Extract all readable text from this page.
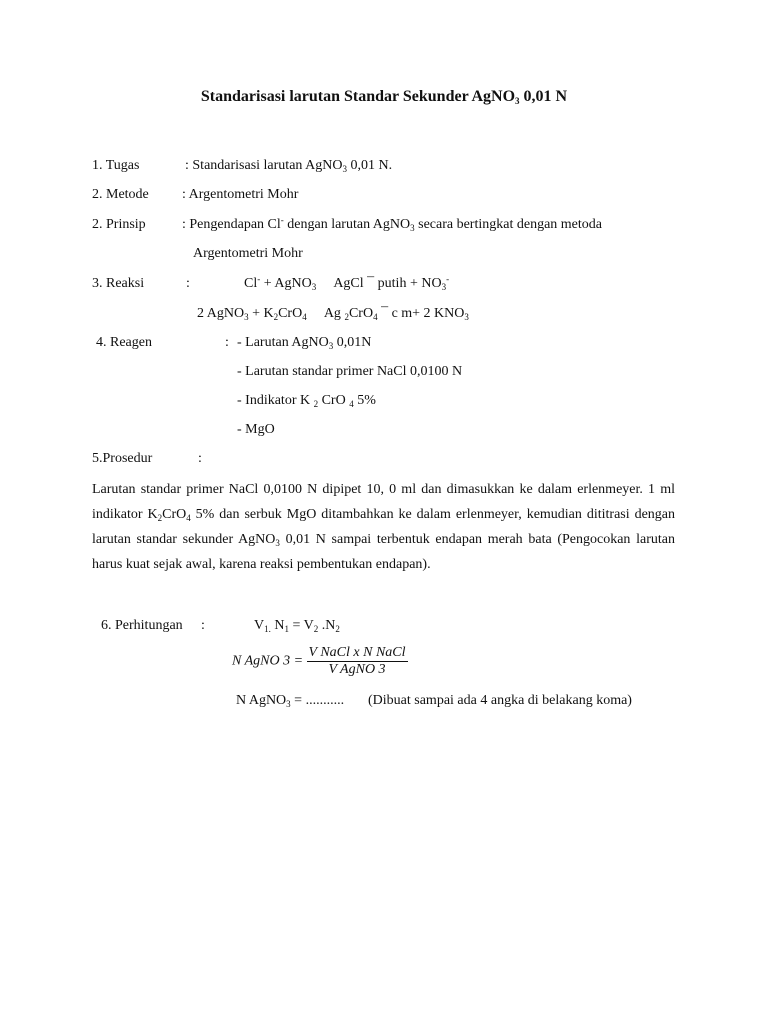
Standarisasi larutan Standar Sekunder AgNO$_3$ 0,01 N
1. Tugas	: Standarisasi larutan AgNO$_3$ 0,01 N.
2. Metode : Argentometri Mohr
2. Prinsip	: Pengendapan Cl- dengan larutan AgNO$_3$ secara bertingkat dengan metoda
Argentometri Mohr
3. Reaksi	:	Cl- + AgNO$_3$   AgCl ¯ putih + $NO_3^-$
2 AgNO$_3$ + $K_2CrO_4$   Ag $_2$CrO$_4$ ¯ c m+ 2 $KNO_3$
4. Reagen	: - Larutan AgNO$_3$ 0,01N
- Larutan standar primer NaCl 0,0100 N
- Indikator K $_2$ CrO $_4$ 5%
- MgO
5.Prosedur	:
Larutan standar primer NaCl 0,0100 N dipipet 10, 0 ml dan dimasukkan ke dalam erlenmeyer. 1 ml indikator $K_2CrO_4$ 5% dan serbuk MgO ditambahkan ke dalam erlenmeyer, kemudian dititrasi dengan larutan standar sekunder AgNO$_3$ 0,01 N sampai terbentuk endapan merah bata (Pengocokan larutan harus kuat sejak awal, karena reaksi pembentukan endapan).
6. Perhitungan :	$V_{1.}$ $N_1 = V_2$ $.N_2$
N AgNO $3 = \frac{\text{V NaCl x N NaCl}}{\text{V AgNO 3}}$
N AgNO$_3$ = ........... (Dibuat sampai ada 4 angka di belakang koma)
